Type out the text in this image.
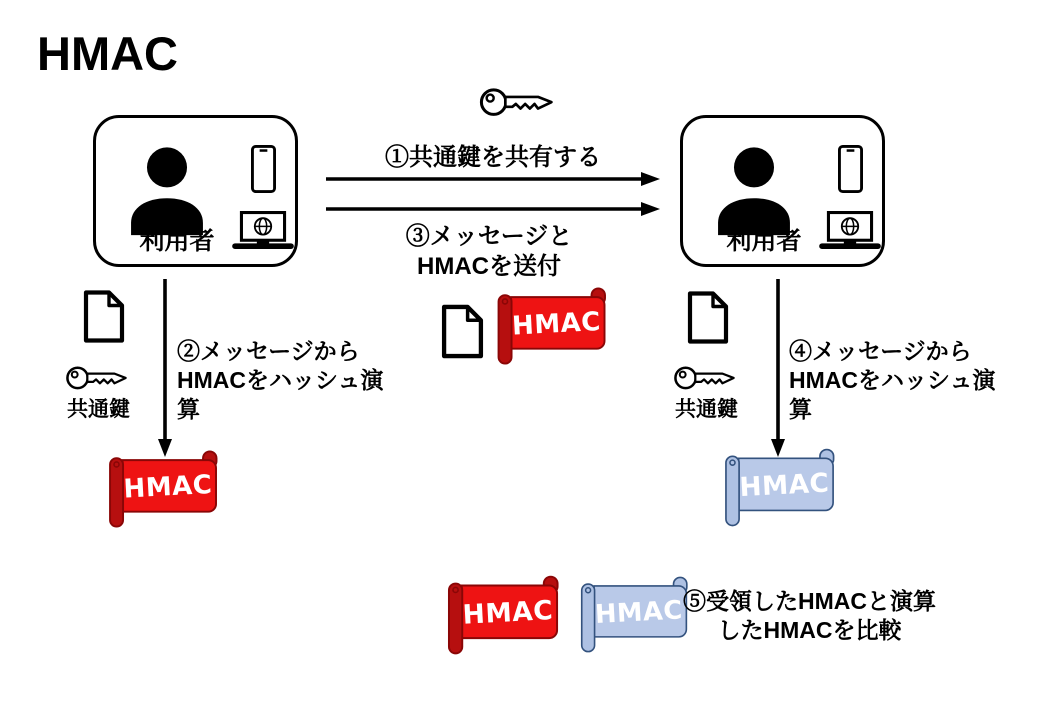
HMAC
利用者	利用者
①共通鍵を共有する
③メッセージと
HMACを送付
共通鍵
②メッセージから
HMACをハッシュ演算
HMAC
共通鍵
④メッセージから
HMACをハッシュ演算
HMAC	HMAC
HMAC HMAC ⑤受領したHMACと演算
したHMACを比較
